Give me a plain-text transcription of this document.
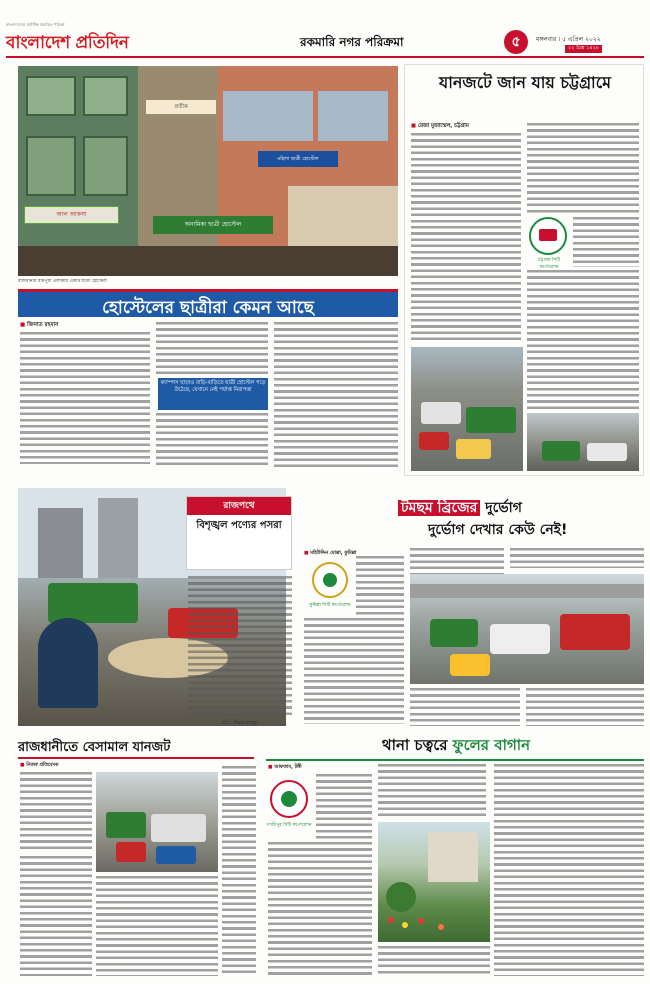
বাংলাদেশ প্রতিদিন
বাংলাদেশের সর্বাধিক প্রচারিত পত্রিকা
রকমারি নগর পরিক্রমা	৫	মঙ্গলবার । ৫ এপ্রিল ২০২২
২২ চৈত্র ১৪২৮
আল আকসা
প্রতীক
মহিলা ছাত্রী হোস্টেল
অনামিকা ছাত্রী হোস্টেল
রাজধানীর রামপুরা এলাকার একটি ছাত্রী হোস্টেল
হোস্টেলের ছাত্রীরা কেমন আছে
■ জিনাত রহমান
ক্যাম্পাস ছাড়াও বাড়ি-বাড়িতে ছাত্রী হোস্টেল গড়ে উঠেছে, যেখানে নেই পর্যাপ্ত নিরাপত্তা
যানজটে জান যায় চট্টগ্রামে
■ রেজা মুজাম্মেল, চট্টগ্রাম
চট্টগ্রাম সিটি কর্পোরেশন
রাজপথে
বিশৃঙ্খল পণ্যের পসরা
ছবি : শিহাব মাহমুদ
টমছম ব্রিজের দুর্ভোগ
দুর্ভোগ দেখার কেউ নেই!
■ মহিউদ্দিন মোল্লা, কুমিল্লা
কুমিল্লা সিটি কর্পোরেশন
রাজধানীতে বেসামাল যানজট
■ নিজস্ব প্রতিবেদক
থানা চত্বরে ফুলের বাগান
■ আফতাব, টঙ্গী
গাজীপুর সিটি কর্পোরেশন
